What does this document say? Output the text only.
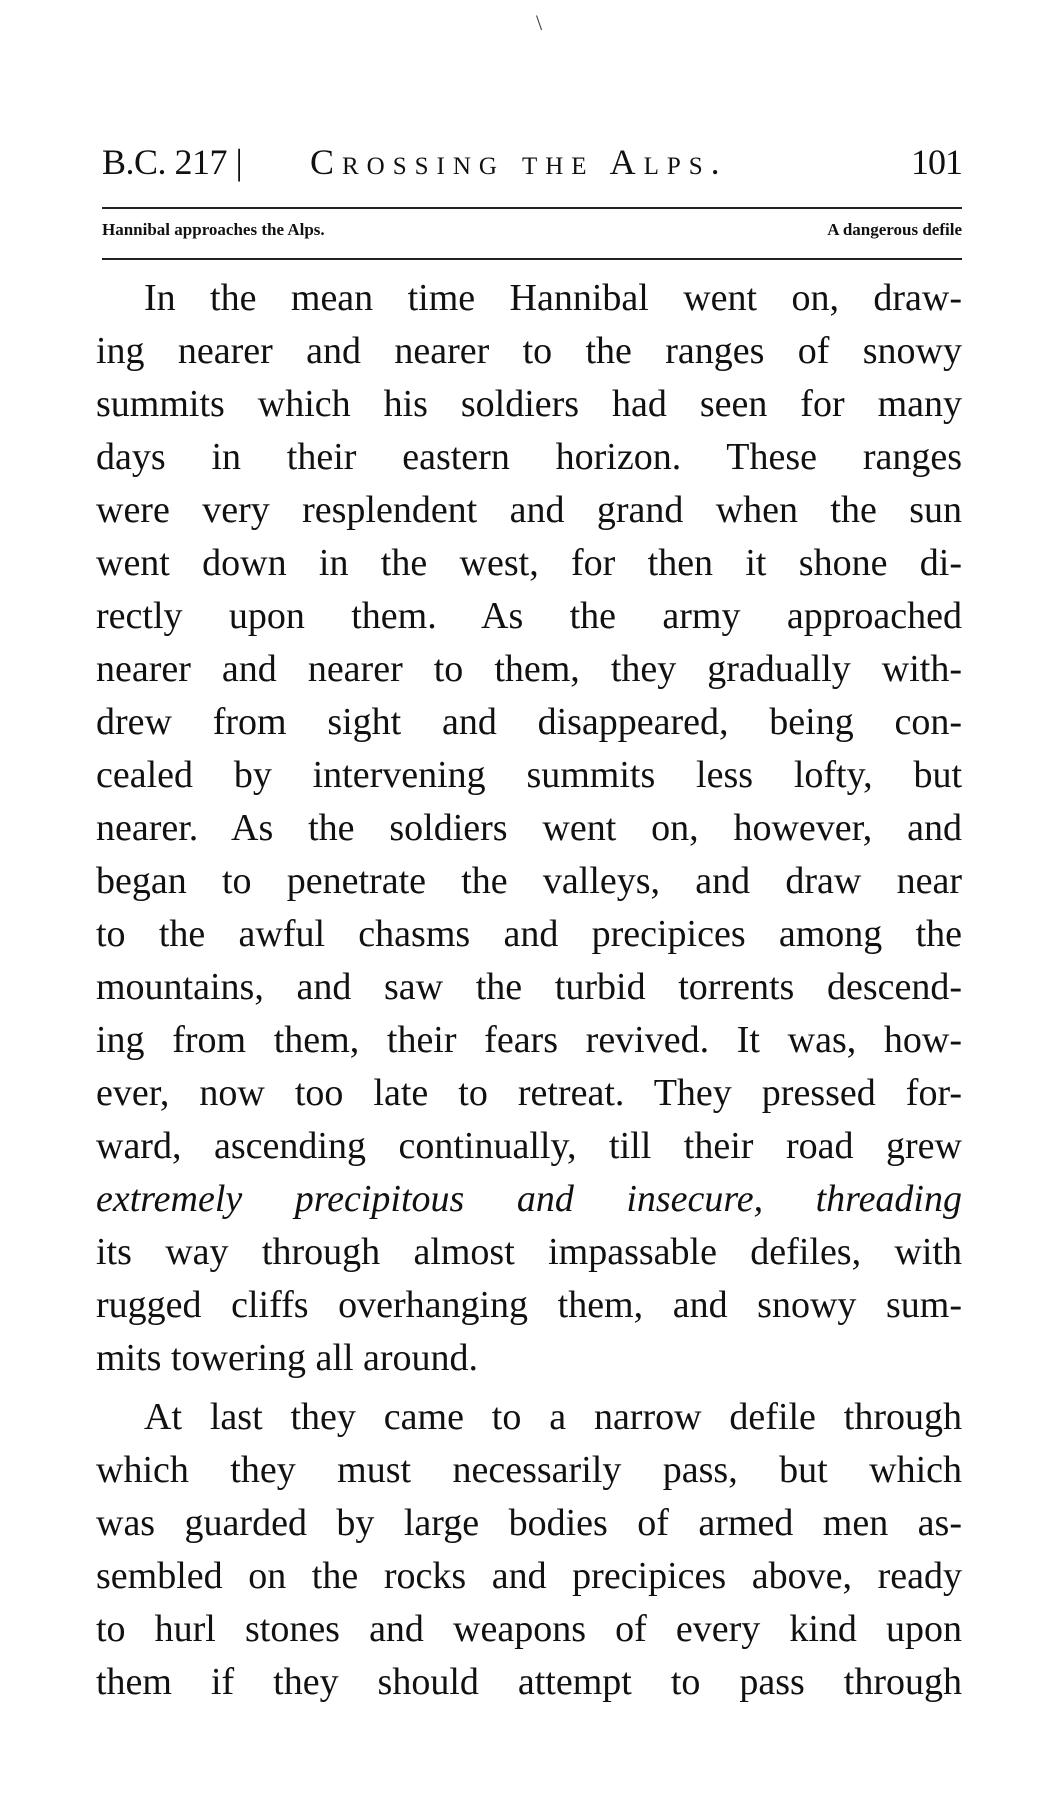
\
B.C. 217 | Crossing the Alps.	101
Hannibal approaches the Alps.	A dangerous defile
In the mean time Hannibal went on, draw-
ing nearer and nearer to the ranges of snowy
summits which his soldiers had seen for many
days in their eastern horizon. These ranges
were very resplendent and grand when the sun
went down in the west, for then it shone di-
rectly upon them. As the army approached
nearer and nearer to them, they gradually with-
drew from sight and disappeared, being con-
cealed by intervening summits less lofty, but
nearer. As the soldiers went on, however, and
began to penetrate the valleys, and draw near
to the awful chasms and precipices among the
mountains, and saw the turbid torrents descend-
ing from them, their fears revived. It was, how-
ever, now too late to retreat. They pressed for-
ward, ascending continually, till their road grew
extremely precipitous and insecure, threading
its way through almost impassable defiles, with
rugged cliffs overhanging them, and snowy sum-
mits towering all around.
At last they came to a narrow defile through
which they must necessarily pass, but which
was guarded by large bodies of armed men as-
sembled on the rocks and precipices above, ready
to hurl stones and weapons of every kind upon
them if they should attempt to pass through
